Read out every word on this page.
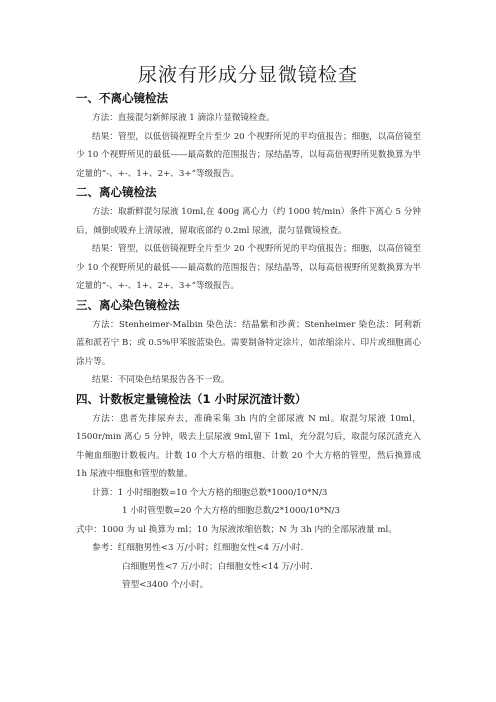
尿液有形成分显微镜检查
一、不离心镜检法

方法：直接混匀新鲜尿液 1 滴涂片显微镜检查。

结果：管型，以低倍镜视野全片至少 20 个视野所见的平均值报告；细胞，以高倍镜至少 10 个视野所见的最低——最高数的范围报告；尿结晶等，以每高倍视野所见数换算为半定量的“-、+-、1+、2+、3+”等级报告。

二、离心镜检法

方法：取新鲜混匀尿液 10ml,在 400g 离心力（约 1000 转/min）条件下离心 5 分钟后，倾倒或吸弃上清尿液，留取底部约 0.2ml 尿液，混匀显微镜检查。

结果：管型，以低倍镜视野全片至少 20 个视野所见的平均值报告；细胞，以高倍镜至少 10 个视野所见的最低——最高数的范围报告；尿结晶等，以每高倍视野所见数换算为半定量的“-、+-、1+、2+、3+”等级报告。

三、离心染色镜检法

方法：Stenheimer-Malbin 染色法：结晶紫和沙黄；Stenheimer 染色法：阿利新蓝和派若宁 B；或 0.5%甲苯胺蓝染色。需要制备特定涂片，如浓缩涂片、印片或细胞离心涂片等。

结果：不同染色结果报告各不一致。

四、计数板定量镜检法（1 小时尿沉渣计数）

方法：患者先排尿弃去，准确采集 3h 内的全部尿液 N ml。取混匀尿液 10ml，1500r/min 离心 5 分钟，吸去上层尿液 9ml,留下 1ml，充分混匀后，取混匀尿沉渣充入牛鲍血细胞计数板内。计数 10 个大方格的细胞、计数 20 个大方格的管型，然后换算成 1h 尿液中细胞和管型的数量。

计算：1 小时细胞数=10 个大方格的细胞总数*1000/10*N/3

1 小时管型数=20 个大方格的细胞总数/2*1000/10*N/3

式中：1000 为 ul 换算为 ml；10 为尿液浓缩倍数；N 为 3h 内的全部尿液量 ml。

参考：红细胞男性<3 万/小时；红细胞女性<4 万/小时.

白细胞男性<7 万/小时；白细胞女性<14 万/小时.

管型<3400 个/小时。
